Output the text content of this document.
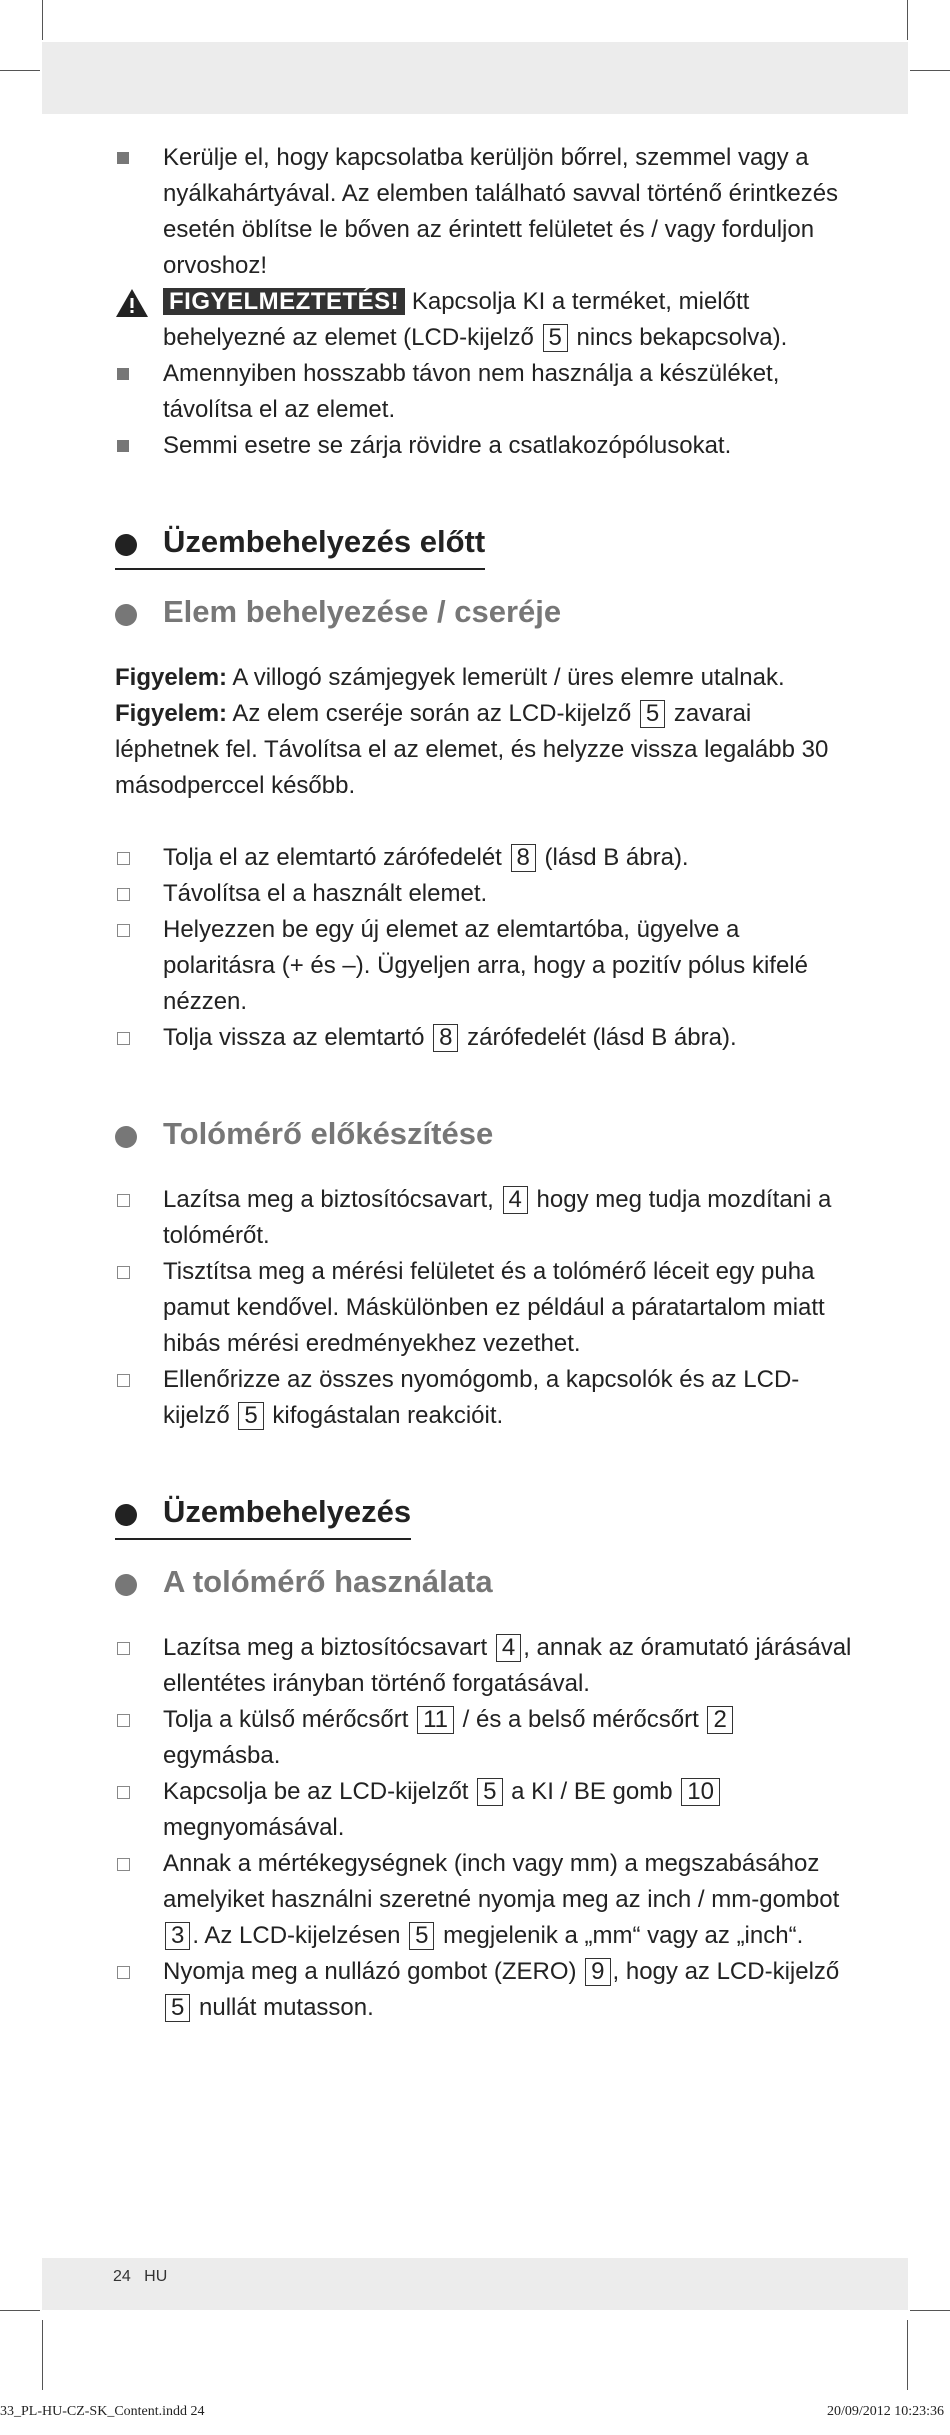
Kerülje el, hogy kapcsolatba kerüljön bőrrel, szemmel vagy a nyálkahártyával. Az elemben található savval történő érintkezés esetén öblítse le bőven az érintett felületet és / vagy forduljon orvoshoz!
FIGYELMEZTETÉS! Kapcsolja KI a terméket, mielőtt behelyezné az elemet (LCD-kijelző 5 nincs bekapcsolva).
Amennyiben hosszabb távon nem használja a készüléket, távolítsa el az elemet.
Semmi esetre se zárja rövidre a csatlakozópólusokat.
Üzembehelyezés előtt
Elem behelyezése / cseréje
Figyelem: A villogó számjegyek lemerült / üres elemre utalnak.
Figyelem: Az elem cseréje során az LCD-kijelző 5 zavarai léphetnek fel. Távolítsa el az elemet, és helyzze vissza legalább 30 másodperccel később.
Tolja el az elemtartó zárófedelét 8 (lásd B ábra).
Távolítsa el a használt elemet.
Helyezzen be egy új elemet az elemtartóba, ügyelve a polaritásra (+ és –). Ügyeljen arra, hogy a pozitív pólus kifelé nézzen.
Tolja vissza az elemtartó 8 zárófedelét (lásd B ábra).
Tolómérő előkészítése
Lazítsa meg a biztosítócsavart, 4 hogy meg tudja mozdítani a tolómérőt.
Tisztítsa meg a mérési felületet és a tolómérő léceit egy puha pamut kendővel. Máskülönben ez például a páratartalom miatt hibás mérési eredményekhez vezethet.
Ellenőrizze az összes nyomógomb, a kapcsolók és az LCD-kijelző 5 kifogástalan reakcióit.
Üzembehelyezés
A tolómérő használata
Lazítsa meg a biztosítócsavart 4 , annak az óramutató járásával ellentétes irányban történő forgatásával.
Tolja a külső mérőcsőrt 11 / és a belső mérőcsőrt 2 egymásba.
Kapcsolja be az LCD-kijelzőt 5 a KI / BE gomb 10 megnyomásával.
Annak a mértékegységnek (inch vagy mm) a megszabásához amelyiket használni szeretné nyomja meg az inch / mm-gombot 3 . Az LCD-kijelzésen 5 megjelenik a „mm“ vagy az „inch“.
Nyomja meg a nullázó gombot (ZERO) 9 , hogy az LCD-kijelző 5 nullát mutasson.
24 HU
33_PL-HU-CZ-SK_Content.indd 24	20/09/2012 10:23:36
